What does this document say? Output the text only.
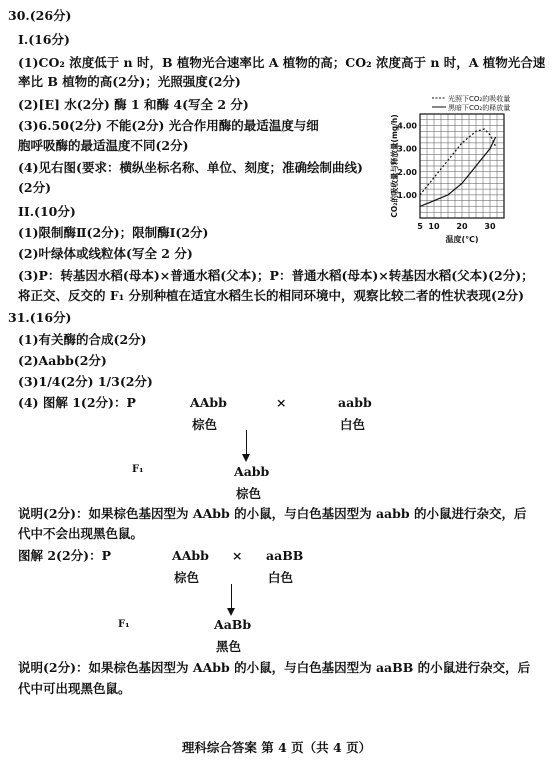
30.(26分)
I.(16分)
(1)CO₂ 浓度低于 n 时，B 植物光合速率比 A 植物的高；CO₂ 浓度高于 n 时，A 植物光合速
率比 B 植物的高(2分)；光照强度(2分)
(2)[E] 水(2分) 酶 1 和酶 4(写全 2 分)
(3)6.50(2分) 不能(2分) 光合作用酶的最适温度与细
胞呼吸酶的最适温度不同(2分)
(4)见右图(要求：横纵坐标名称、单位、刻度；准确绘制曲线)
(2分)
II.(10分)
(1)限制酶Ⅱ(2分)；限制酶Ⅰ(2分)
(2)叶绿体或线粒体(写全 2 分)
(3)P：转基因水稻(母本)×普通水稻(父本)；P：普通水稻(母本)×转基因水稻(父本)(2分)；
将正交、反交的 F₁ 分别种植在适宜水稻生长的相同环境中，观察比较二者的性状表现(2分)
1.00
2.00
3.00
4.00
5 10 20 30
温度(℃)
CO₂的吸收量与释放量(mg/h)
光照下CO₂的吸收量
黑暗下CO₂的释放量
31.(16分)
(1)有关酶的合成(2分)
(2)Aabb(2分)
(3)1/4(2分) 1/3(2分)
(4) 图解 1(2分)：P	AAbb	×	aabb
棕色	白色
F₁	Aabb
棕色
说明(2分)：如果棕色基因型为 AAbb 的小鼠，与白色基因型为 aabb 的小鼠进行杂交，后
代中不会出现黑色鼠。
图解 2(2分)：P	AAbb × aaBB
棕色	白色
F₁	AaBb
黑色
说明(2分)：如果棕色基因型为 AAbb 的小鼠，与白色基因型为 aaBB 的小鼠进行杂交，后
代中可出现黑色鼠。
理科综合答案 第 4 页（共 4 页）
